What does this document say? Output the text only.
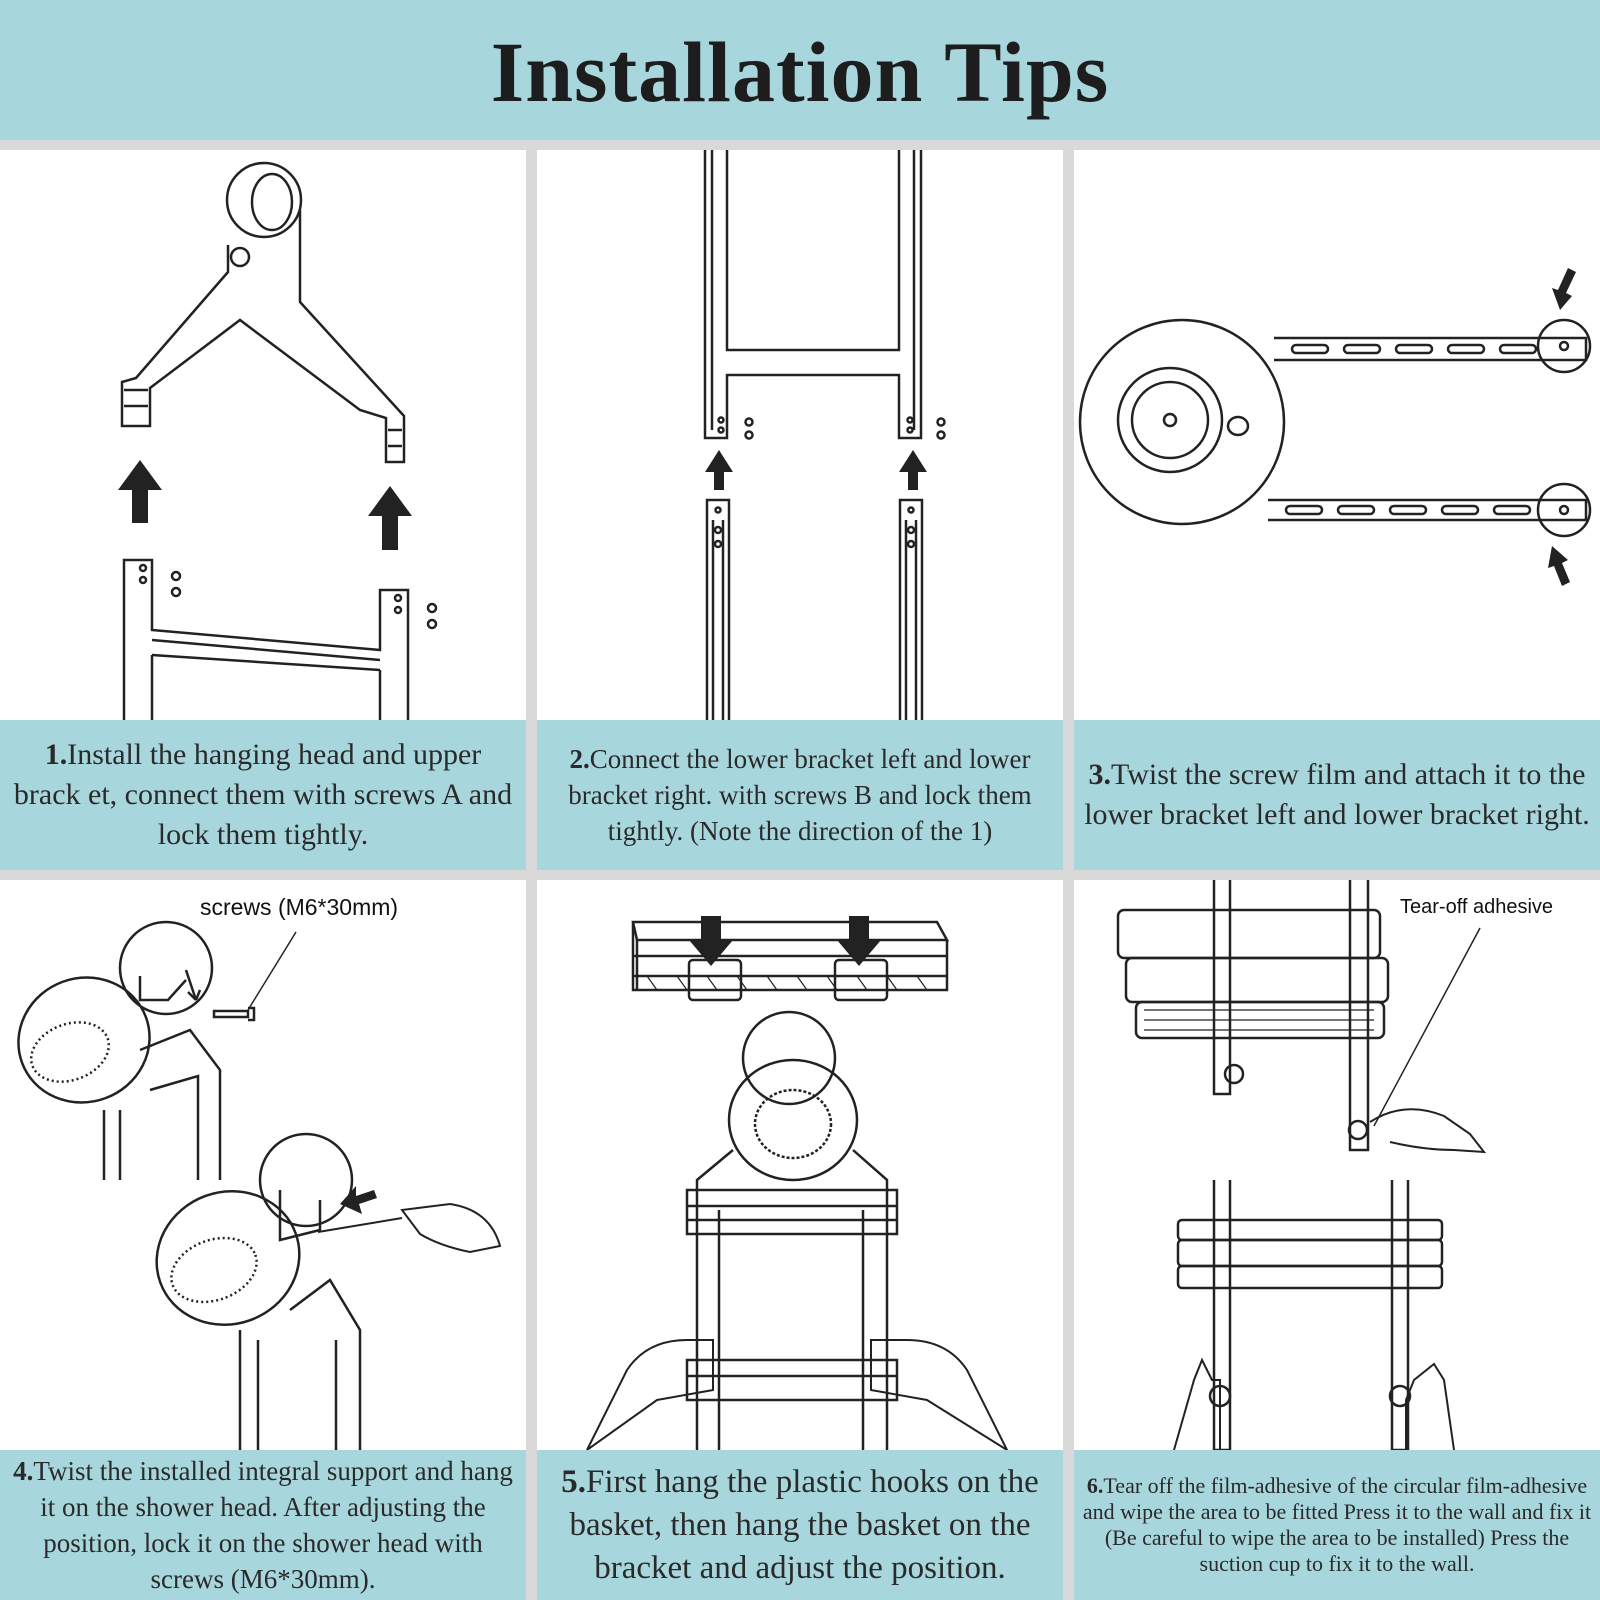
Installation Tips
1.Install the hanging head and upper brack et, connect them with screws A and lock them tightly.
2.Connect the lower bracket left and lower bracket right. with screws B and lock them tightly. (Note the direction of the 1)
3.Twist the screw film and attach it to the lower bracket left and lower bracket right.
screws (M6*30mm)
4.Twist the installed integral support and hang it on the shower head. After adjusting the position, lock it on the shower head with screws (M6*30mm).
5.First hang the plastic hooks on the basket, then hang the basket on the bracket and adjust the position.
Tear-off adhesive
6.Tear off the film-adhesive of the circular film-adhesive and wipe the area to be fitted Press it to the wall and fix it (Be careful to wipe the area to be installed) Press the suction cup to fix it to the wall.
